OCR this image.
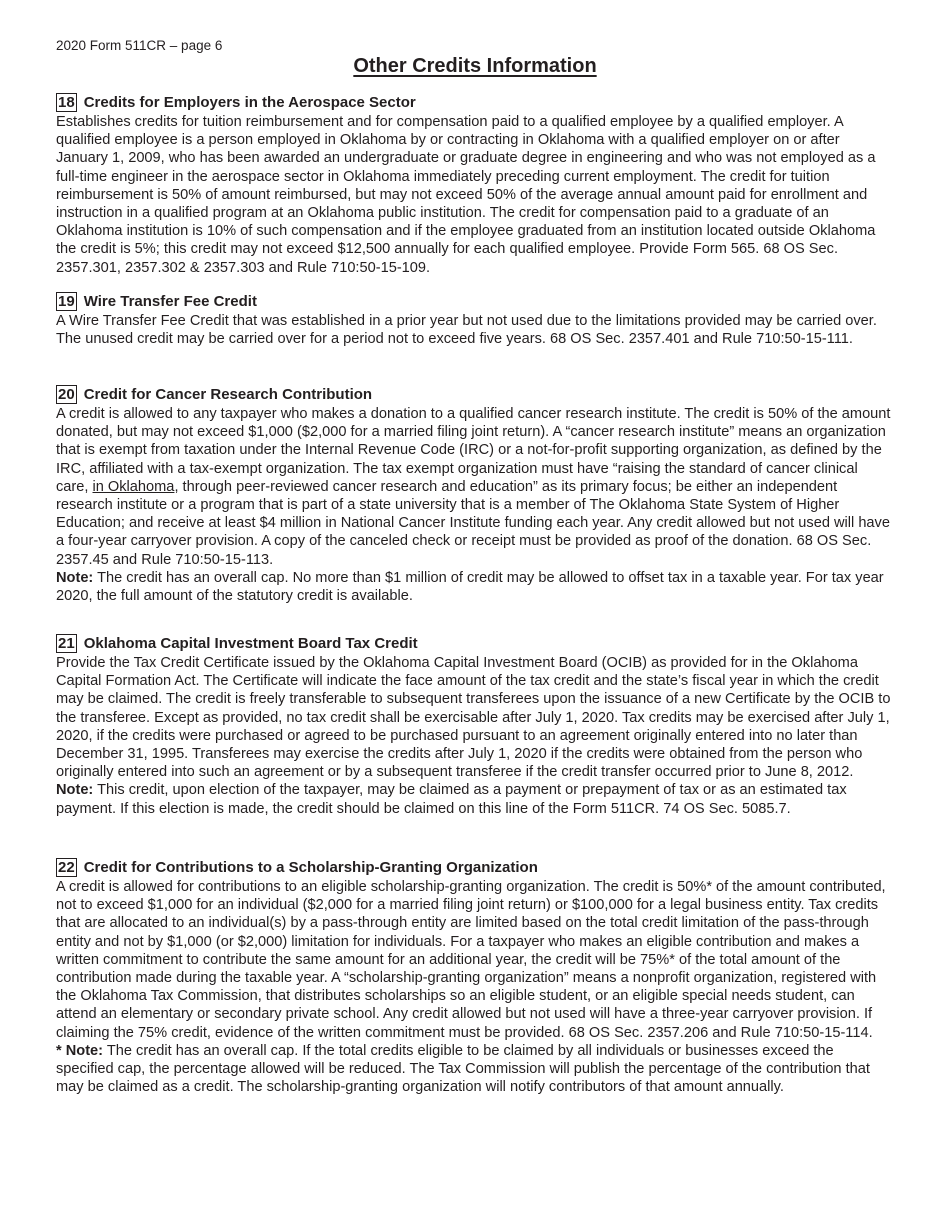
2020 Form 511CR – page 6
Other Credits Information
18 Credits for Employers in the Aerospace Sector

Establishes credits for tuition reimbursement and for compensation paid to a qualified employee by a qualified employer. A qualified employee is a person employed in Oklahoma by or contracting in Oklahoma with a qualified employer on or after January 1, 2009, who has been awarded an undergraduate or graduate degree in engineering and who was not employed as a full-time engineer in the aerospace sector in Oklahoma immediately preceding current employment. The credit for tuition reimbursement is 50% of amount reimbursed, but may not exceed 50% of the average annual amount paid for enrollment and instruction in a qualified program at an Oklahoma public institution. The credit for compensation paid to a graduate of an Oklahoma institution is 10% of such compensation and if the employee graduated from an institution located outside Oklahoma the credit is 5%; this credit may not exceed $12,500 annually for each qualified employee. Provide Form 565. 68 OS Sec. 2357.301, 2357.302 & 2357.303 and Rule 710:50-15-109.

19 Wire Transfer Fee Credit

A Wire Transfer Fee Credit that was established in a prior year but not used due to the limitations provided may be carried over. The unused credit may be carried over for a period not to exceed five years. 68 OS Sec. 2357.401 and Rule 710:50-15-111.

20 Credit for Cancer Research Contribution

A credit is allowed to any taxpayer who makes a donation to a qualified cancer research institute. The credit is 50% of the amount donated, but may not exceed $1,000 ($2,000 for a married filing joint return). A “cancer research institute” means an organization that is exempt from taxation under the Internal Revenue Code (IRC) or a not-for-profit supporting organization, as defined by the IRC, affiliated with a tax-exempt organization. The tax exempt organization must have “raising the standard of cancer clinical care, in Oklahoma, through peer-reviewed cancer research and education” as its primary focus; be either an independent research institute or a program that is part of a state university that is a member of The Oklahoma State System of Higher Education; and receive at least $4 million in National Cancer Institute funding each year. Any credit allowed but not used will have a four-year carryover provision. A copy of the canceled check or receipt must be provided as proof of the donation. 68 OS Sec. 2357.45 and Rule 710:50-15-113.

Note: The credit has an overall cap. No more than $1 million of credit may be allowed to offset tax in a taxable year. For tax year 2020, the full amount of the statutory credit is available.

21 Oklahoma Capital Investment Board Tax Credit

Provide the Tax Credit Certificate issued by the Oklahoma Capital Investment Board (OCIB) as provided for in the Oklahoma Capital Formation Act. The Certificate will indicate the face amount of the tax credit and the state’s fiscal year in which the credit may be claimed. The credit is freely transferable to subsequent transferees upon the issuance of a new Certificate by the OCIB to the transferee. Except as provided, no tax credit shall be exercisable after July 1, 2020. Tax credits may be exercised after July 1, 2020, if the credits were purchased or agreed to be purchased pursuant to an agreement originally entered into no later than December 31, 1995. Transferees may exercise the credits after July 1, 2020 if the credits were obtained from the person who originally entered into such an agreement or by a subsequent transferee if the credit transfer occurred prior to June 8, 2012. Note: This credit, upon election of the taxpayer, may be claimed as a payment or prepayment of tax or as an estimated tax payment. If this election is made, the credit should be claimed on this line of the Form 511CR. 74 OS Sec. 5085.7.

22 Credit for Contributions to a Scholarship-Granting Organization

A credit is allowed for contributions to an eligible scholarship-granting organization. The credit is 50%* of the amount contributed, not to exceed $1,000 for an individual ($2,000 for a married filing joint return) or $100,000 for a legal business entity. Tax credits that are allocated to an individual(s) by a pass-through entity are limited based on the total credit limitation of the pass-through entity and not by $1,000 (or $2,000) limitation for individuals. For a taxpayer who makes an eligible contribution and makes a written commitment to contribute the same amount for an additional year, the credit will be 75%* of the total amount of the contribution made during the taxable year. A “scholarship-granting organization” means a nonprofit organization, registered with the Oklahoma Tax Commission, that distributes scholarships so an eligible student, or an eligible special needs student, can attend an elementary or secondary private school. Any credit allowed but not used will have a three-year carryover provision. If claiming the 75% credit, evidence of the written commitment must be provided. 68 OS Sec. 2357.206 and Rule 710:50-15-114.

* Note: The credit has an overall cap. If the total credits eligible to be claimed by all individuals or businesses exceed the specified cap, the percentage allowed will be reduced. The Tax Commission will publish the percentage of the contribution that may be claimed as a credit. The scholarship-granting organization will notify contributors of that amount annually.
